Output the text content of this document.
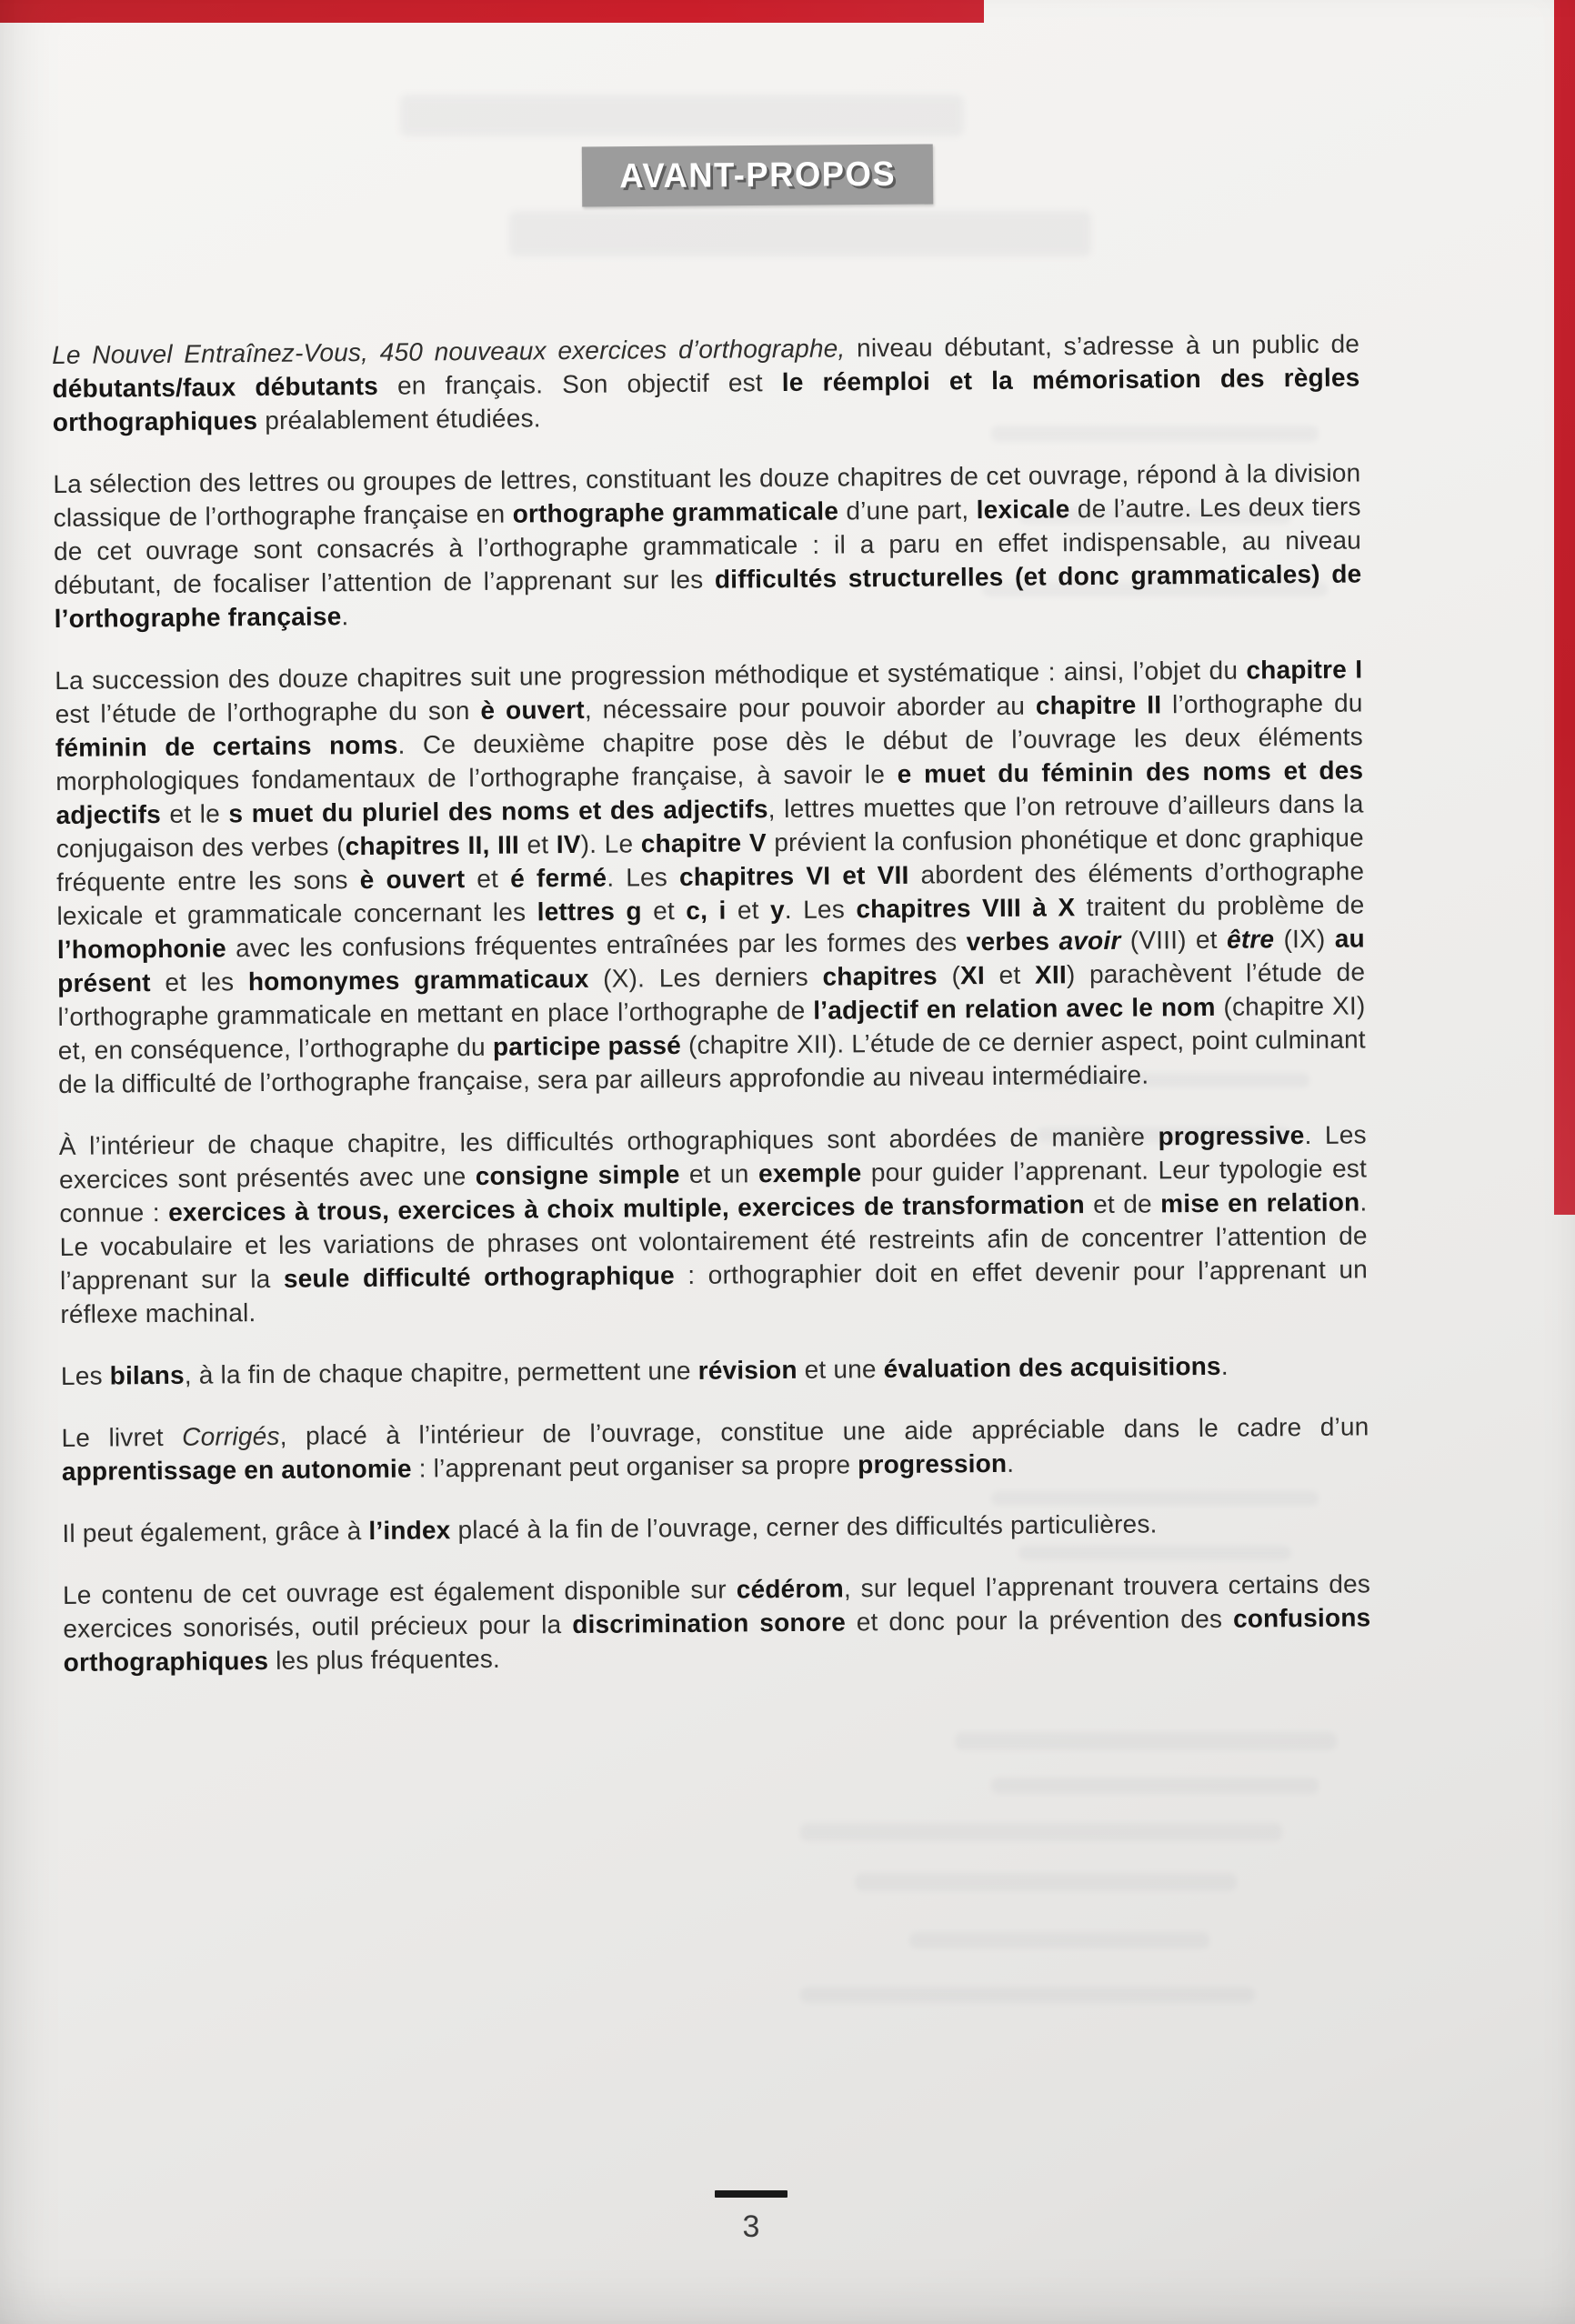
AVANT-PROPOS

Le Nouvel Entraînez-Vous, 450 nouveaux exercices d’orthographe, niveau débutant, s’adresse à un public de débutants/faux débutants en français. Son objectif est le réemploi et la mémorisation des règles orthographiques préalablement étudiées.

La sélection des lettres ou groupes de lettres, constituant les douze chapitres de cet ouvrage, répond à la division classique de l’orthographe française en orthographe grammaticale d’une part, lexicale de l’autre. Les deux tiers de cet ouvrage sont consacrés à l’orthographe grammaticale : il a paru en effet indispensable, au niveau débutant, de focaliser l’attention de l’apprenant sur les difficultés structurelles (et donc grammaticales) de l’orthographe française.

La succession des douze chapitres suit une progression méthodique et systématique : ainsi, l’objet du chapitre I est l’étude de l’orthographe du son è ouvert, nécessaire pour pouvoir aborder au chapitre II l’orthographe du féminin de certains noms. Ce deuxième chapitre pose dès le début de l’ouvrage les deux éléments morphologiques fondamentaux de l’orthographe française, à savoir le e muet du féminin des noms et des adjectifs et le s muet du pluriel des noms et des adjectifs, lettres muettes que l’on retrouve d’ailleurs dans la conjugaison des verbes (chapitres II, III et IV). Le chapitre V prévient la confusion phonétique et donc graphique fréquente entre les sons è ouvert et é fermé. Les chapitres VI et VII abordent des éléments d’orthographe lexicale et grammaticale concernant les lettres g et c, i et y. Les chapitres VIII à X traitent du problème de l’homophonie avec les confusions fréquentes entraînées par les formes des verbes avoir (VIII) et être (IX) au présent et les homonymes grammaticaux (X). Les derniers chapitres (XI et XII) parachèvent l’étude de l’orthographe grammaticale en mettant en place l’orthographe de l’adjectif en relation avec le nom (chapitre XI) et, en conséquence, l’orthographe du participe passé (chapitre XII). L’étude de ce dernier aspect, point culminant de la difficulté de l’orthographe française, sera par ailleurs approfondie au niveau intermédiaire.

À l’intérieur de chaque chapitre, les difficultés orthographiques sont abordées de manière progressive. Les exercices sont présentés avec une consigne simple et un exemple pour guider l’apprenant. Leur typologie est connue : exercices à trous, exercices à choix multiple, exercices de transformation et de mise en relation. Le vocabulaire et les variations de phrases ont volontairement été restreints afin de concentrer l’attention de l’apprenant sur la seule difficulté orthographique : orthographier doit en effet devenir pour l’apprenant un réflexe machinal.

Les bilans, à la fin de chaque chapitre, permettent une révision et une évaluation des acquisitions.

Le livret Corrigés, placé à l’intérieur de l’ouvrage, constitue une aide appréciable dans le cadre d’un apprentissage en autonomie : l’apprenant peut organiser sa propre progression.

Il peut également, grâce à l’index placé à la fin de l’ouvrage, cerner des difficultés particulières.

Le contenu de cet ouvrage est également disponible sur cédérom, sur lequel l’apprenant trouvera certains des exercices sonorisés, outil précieux pour la discrimination sonore et donc pour la prévention des confusions orthographiques les plus fréquentes.

3
